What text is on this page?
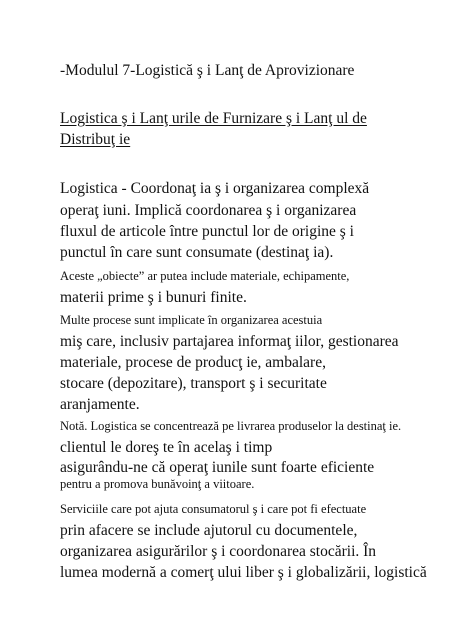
-Modulul 7-Logistică ş i Lanţ de Aprovizionare
Logistica ş i Lanţ urile de Furnizare ş i Lanţ ul de
Distribuţ ie
Logistica - Coordonaţ ia ş i organizarea complexă
operaţ iuni. Implică coordonarea ş i organizarea
fluxul de articole între punctul lor de origine ş i
punctul în care sunt consumate (destinaţ ia).
Aceste „obiecte” ar putea include materiale, echipamente,
materii prime ş i bunuri finite.
Multe procese sunt implicate în organizarea acestuia
miş care, inclusiv partajarea informaţ iilor, gestionarea
materiale, procese de producţ ie, ambalare,
stocare (depozitare), transport ş i securitate
aranjamente.
Notă. Logistica se concentrează pe livrarea produselor la destinaţ ie.
clientul le doreş te în acelaş i timp
asigurându-ne că operaţ iunile sunt foarte eficiente
pentru a promova bunăvoinţ a viitoare.
Serviciile care pot ajuta consumatorul ş i care pot fi efectuate
prin afacere se include ajutorul cu documentele,
organizarea asigurărilor ş i coordonarea stocării. În
lumea modernă a comerţ ului liber ş i globalizării, logistică
